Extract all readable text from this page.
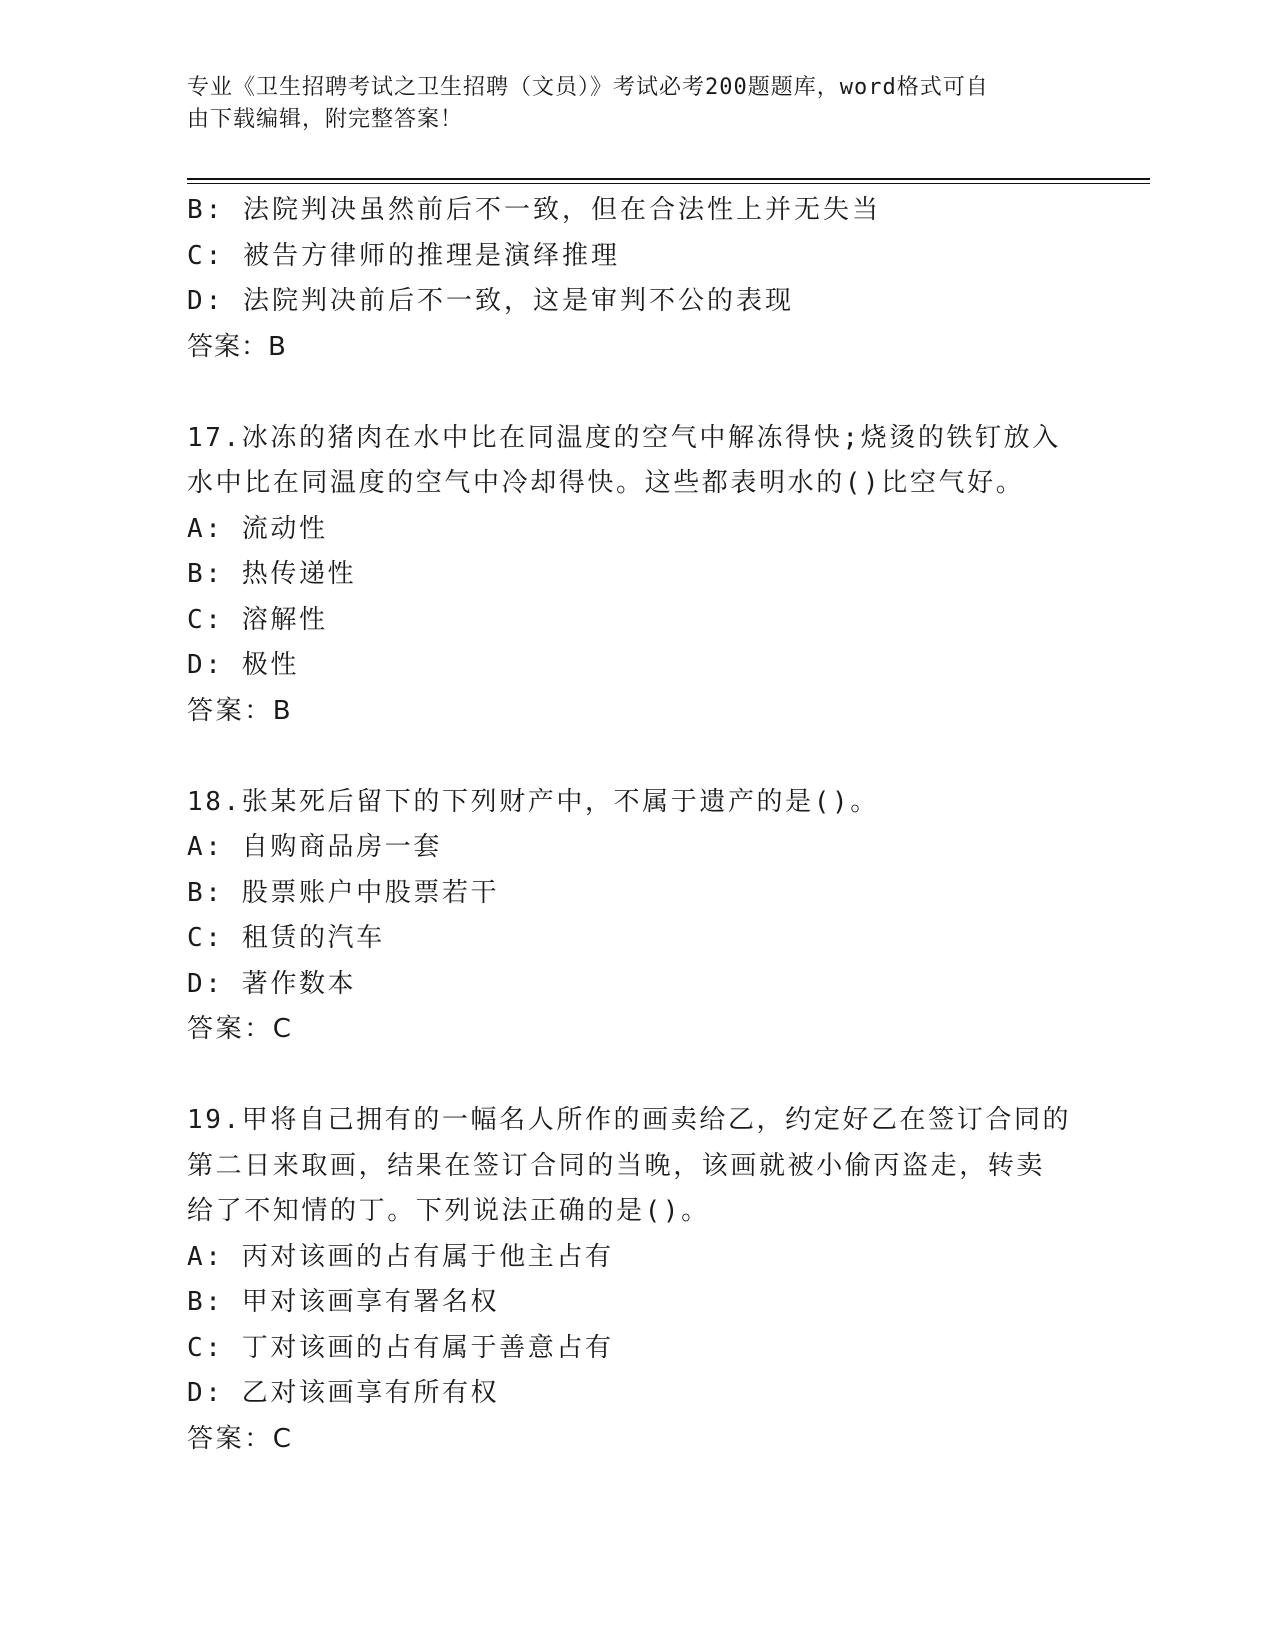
专业《卫生招聘考试之卫生招聘（文员）》考试必考200题题库，word格式可自
由下载编辑，附完整答案！
B: 法院判决虽然前后不一致，但在合法性上并无失当
C: 被告方律师的推理是演绎推理
D: 法院判决前后不一致，这是审判不公的表现
答案：B
17.冰冻的猪肉在水中比在同温度的空气中解冻得快;烧烫的铁钉放入
水中比在同温度的空气中冷却得快。这些都表明水的()比空气好。
A: 流动性
B: 热传递性
C: 溶解性
D: 极性
答案：B
18.张某死后留下的下列财产中，不属于遗产的是()。
A: 自购商品房一套
B: 股票账户中股票若干
C: 租赁的汽车
D: 著作数本
答案：C
19.甲将自己拥有的一幅名人所作的画卖给乙，约定好乙在签订合同的
第二日来取画，结果在签订合同的当晚，该画就被小偷丙盗走，转卖
给了不知情的丁。下列说法正确的是()。
A: 丙对该画的占有属于他主占有
B: 甲对该画享有署名权
C: 丁对该画的占有属于善意占有
D: 乙对该画享有所有权
答案：C
